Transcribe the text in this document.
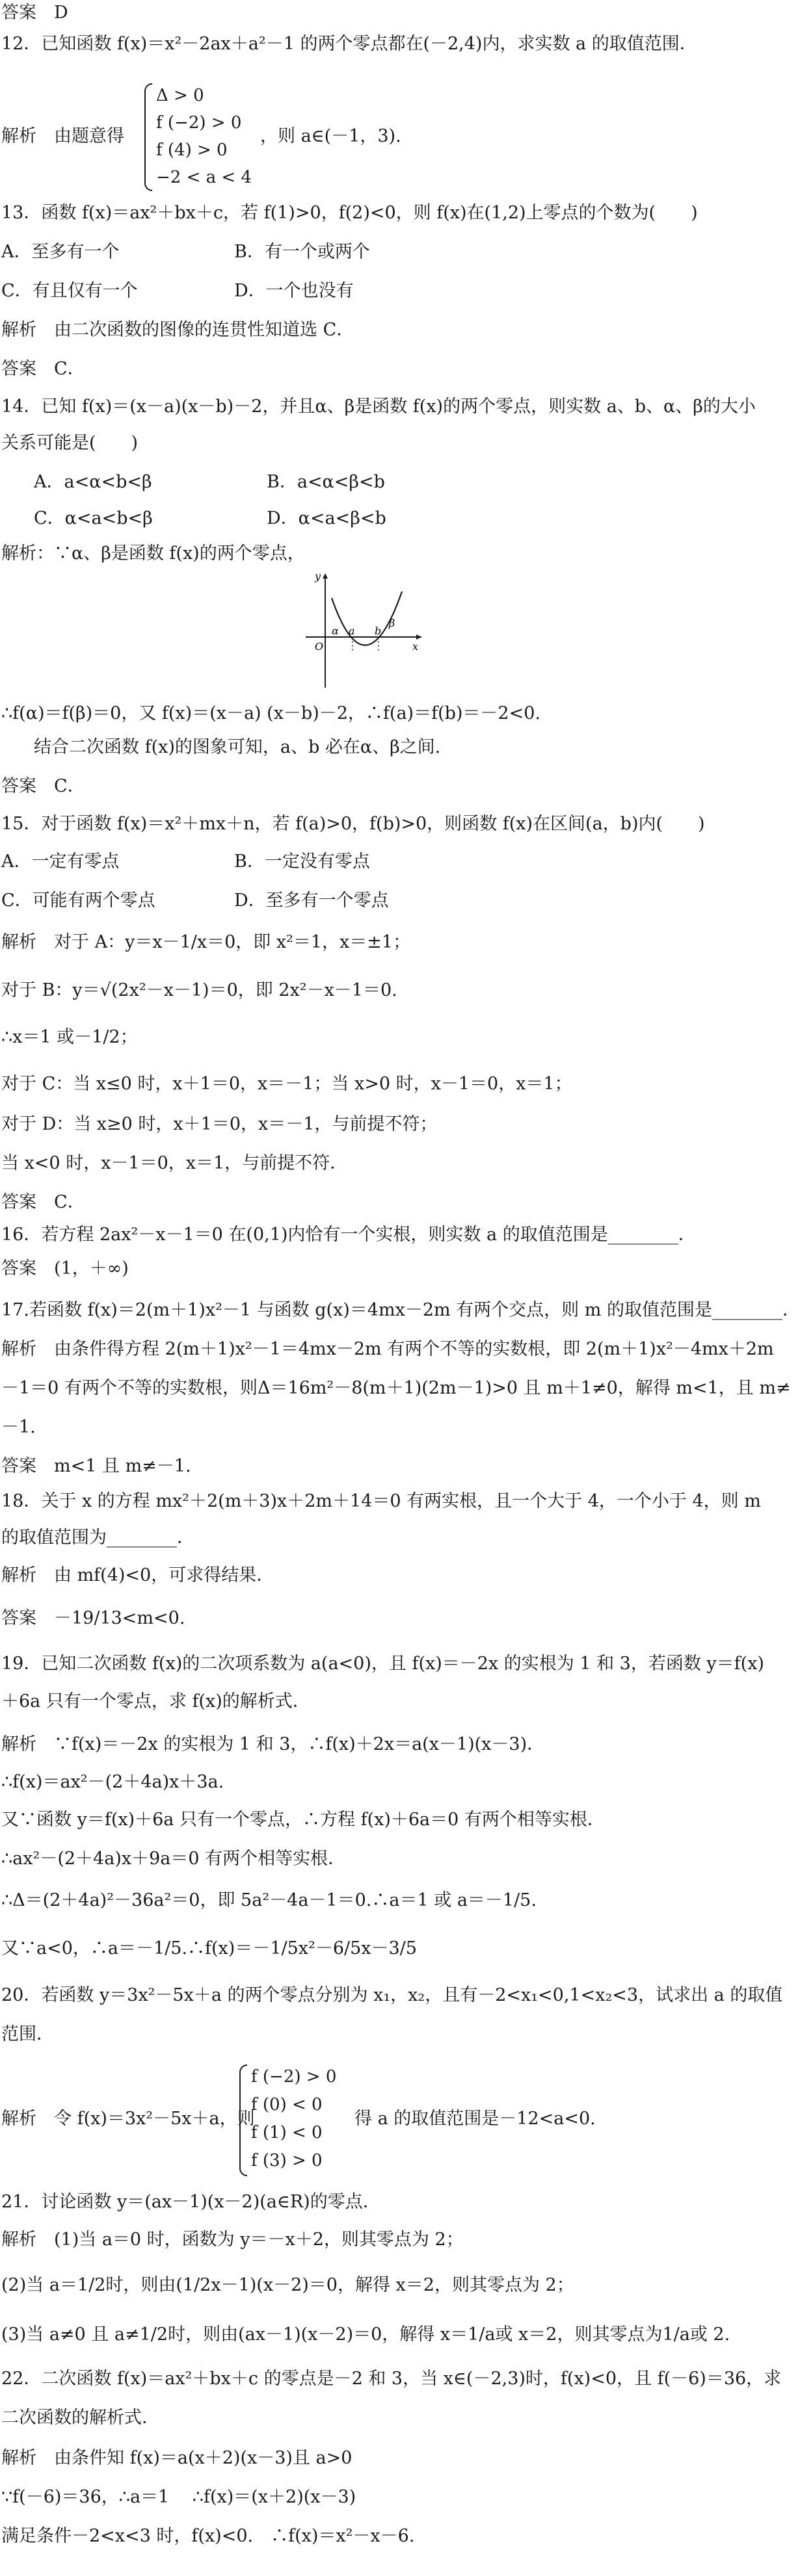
答案　D
12．已知函数 f(x)＝x²－2ax＋a²－1 的两个零点都在(－2,4)内，求实数 a 的取值范围．
解析　由题意得
Δ > 0
f (−2) > 0
f (4) > 0
−2 < a < 4
，则 a∈(－1，3).
13．函数 f(x)＝ax²＋bx＋c，若 f(1)>0，f(2)<0，则 f(x)在(1,2)上零点的个数为(　　)
A．至多有一个	B．有一个或两个
C．有且仅有一个	D．一个也没有
解析　由二次函数的图像的连贯性知道选 C．
答案　C．
14．已知 f(x)＝(x－a)(x－b)－2，并且α、β是函数 f(x)的两个零点，则实数 a、b、α、β的大小
关系可能是(　　)
A．a<α<b<β	B．a<α<β<b
C．α<a<b<β	D．α<a<β<b
解析：∵α、β是函数 f(x)的两个零点，
y
x
O
α a b
β
∴f(α)＝f(β)＝0，又 f(x)＝(x－a) (x－b)－2，∴f(a)＝f(b)＝－2<0.
结合二次函数 f(x)的图象可知，a、b 必在α、β之间.
答案　C．
15．对于函数 f(x)＝x²＋mx＋n，若 f(a)>0，f(b)>0，则函数 f(x)在区间(a，b)内(　　)
A．一定有零点	B．一定没有零点
C．可能有两个零点	D．至多有一个零点
解析　对于 A：y＝x－1/x＝0，即 x²＝1，x＝±1；
对于 B：y＝√(2x²－x－1)＝0，即 2x²－x－1＝0.
∴x＝1 或－1/2；
对于 C：当 x≤0 时，x＋1＝0，x＝－1；当 x>0 时，x－1＝0，x＝1；
对于 D：当 x≥0 时，x＋1＝0，x＝－1，与前提不符；
当 x<0 时，x－1＝0，x＝1，与前提不符．
答案　C．
16．若方程 2ax²－x－1＝0 在(0,1)内恰有一个实根，则实数 a 的取值范围是________．
答案　(1，＋∞)
17.若函数 f(x)＝2(m＋1)x²－1 与函数 g(x)＝4mx－2m 有两个交点，则 m 的取值范围是________．
解析　由条件得方程 2(m＋1)x²－1＝4mx－2m 有两个不等的实数根，即 2(m＋1)x²－4mx＋2m
－1＝0 有两个不等的实数根，则Δ＝16m²－8(m＋1)(2m－1)>0 且 m＋1≠0，解得 m<1，且 m≠
－1.
答案　m<1 且 m≠－1.
18．关于 x 的方程 mx²＋2(m＋3)x＋2m＋14＝0 有两实根，且一个大于 4，一个小于 4，则 m
的取值范围为________．
解析　由 mf(4)<0，可求得结果．
答案　－19/13<m<0.
19．已知二次函数 f(x)的二次项系数为 a(a<0)，且 f(x)＝－2x 的实根为 1 和 3，若函数 y＝f(x)
＋6a 只有一个零点，求 f(x)的解析式．
解析　∵f(x)＝－2x 的实根为 1 和 3，∴f(x)＋2x＝a(x－1)(x－3)．
∴f(x)＝ax²－(2＋4a)x＋3a.
又∵函数 y＝f(x)＋6a 只有一个零点，∴方程 f(x)＋6a＝0 有两个相等实根．
∴ax²－(2＋4a)x＋9a＝0 有两个相等实根．
∴Δ＝(2＋4a)²－36a²＝0，即 5a²－4a－1＝0.∴a＝1 或 a＝－1/5.
又∵a<0，∴a＝－1/5.∴f(x)＝－1/5x²－6/5x－3/5
20．若函数 y＝3x²－5x＋a 的两个零点分别为 x₁，x₂，且有－2<x₁<0,1<x₂<3，试求出 a 的取值
范围．
解析　令 f(x)＝3x²－5x＋a，则
f (−2) > 0
f (0) < 0
f (1) < 0
f (3) > 0
得 a 的取值范围是－12<a<0.
21．讨论函数 y＝(ax－1)(x－2)(a∈R)的零点．
解析　(1)当 a＝0 时，函数为 y＝－x＋2，则其零点为 2；
(2)当 a＝1/2时，则由(1/2x－1)(x－2)＝0，解得 x＝2，则其零点为 2；
(3)当 a≠0 且 a≠1/2时，则由(ax－1)(x－2)＝0，解得 x＝1/a或 x＝2，则其零点为1/a或 2.
22．二次函数 f(x)＝ax²＋bx＋c 的零点是－2 和 3，当 x∈(－2,3)时，f(x)<0，且 f(－6)＝36，求
二次函数的解析式．
解析　由条件知 f(x)＝a(x＋2)(x－3)且 a>0
∵f(－6)＝36，∴a＝1　 ∴f(x)＝(x＋2)(x－3)
满足条件－2<x<3 时，f(x)<0.　∴f(x)＝x²－x－6.
